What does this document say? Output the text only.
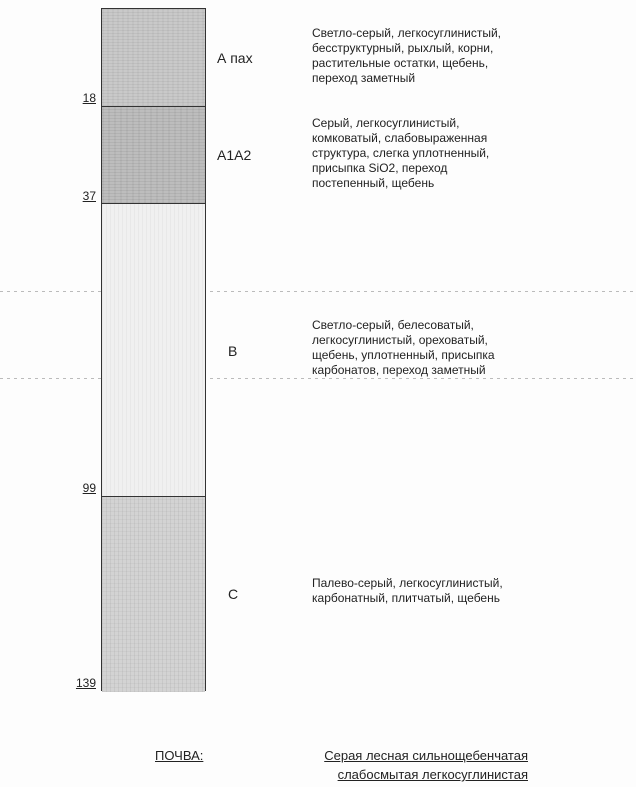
18
37
99
139
А пах
А1А2
В
С
Светло-серый, легкосуглинистый, бесструктурный, рыхлый, корни, растительные остатки, щебень, переход заметный
Серый, легкосуглинистый, комковатый, слабовыраженная структура, слегка уплотненный, присыпка SiO2, переход постепенный, щебень
Светло-серый, белесоватый, легкосуглинистый, ореховатый, щебень, уплотненный, присыпка карбонатов, переход заметный
Палево-серый, легкосуглинистый, карбонатный, плитчатый, щебень
ПОЧВА:	Серая лесная сильнощебенчатая
слабосмытая легкосуглинистая
